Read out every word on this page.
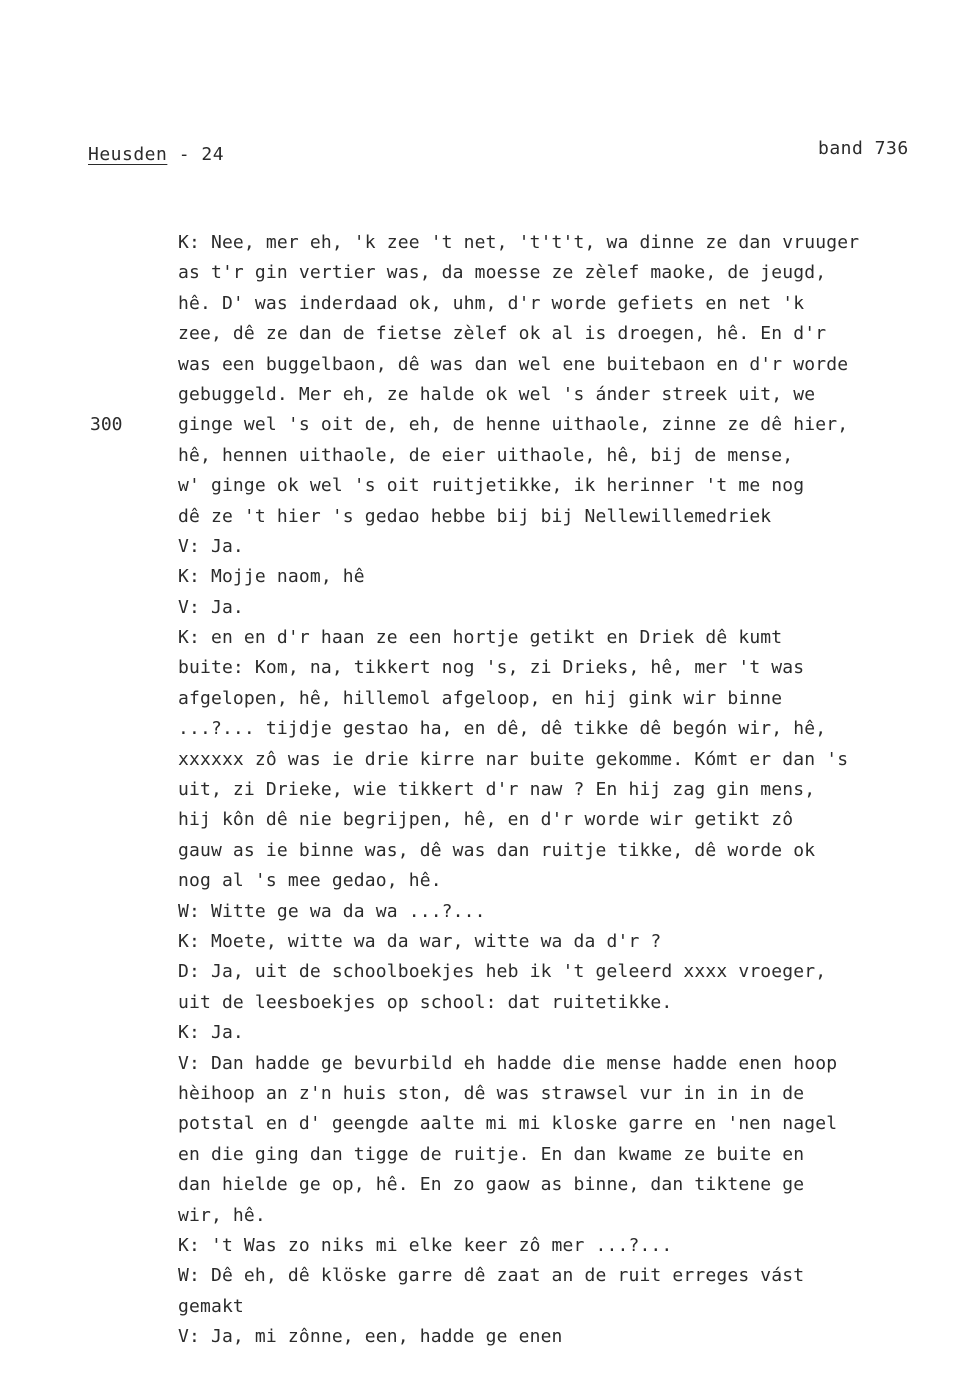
Heusden - 24	band 736
300
K: Nee, mer eh, 'k zee 't net, 't't't, wa dinne ze dan vruuger
as t'r gin vertier was, da moesse ze zèlef maoke, de jeugd,
hê. D' was inderdaad ok, uhm, d'r worde gefiets en net 'k
zee, dê ze dan de fietse zèlef ok al is droegen, hê. En d'r
was een buggelbaon, dê was dan wel ene buitebaon en d'r worde
gebuggeld. Mer eh, ze halde ok wel 's ánder streek uit, we
ginge wel 's oit de, eh, de henne uithaole, zinne ze dê hier,
hê, hennen uithaole, de eier uithaole, hê, bij de mense,
w' ginge ok wel 's oit ruitjetikke, ik herinner 't me nog
dê ze 't hier 's gedao hebbe bij bij Nellewillemedriek
V: Ja.
K: Mojje naom, hê
V: Ja.
K: en en d'r haan ze een hortje getikt en Driek dê kumt
buite: Kom, na, tikkert nog 's, zi Drieks, hê, mer 't was
afgelopen, hê, hillemol afgeloop, en hij gink wir binne
...?... tijdje gestao ha, en dê, dê tikke dê begón wir, hê,
xxxxxx zô was ie drie kirre nar buite gekomme. Kómt er dan 's
uit, zi Drieke, wie tikkert d'r naw ? En hij zag gin mens,
hij kôn dê nie begrijpen, hê, en d'r worde wir getikt zô
gauw as ie binne was, dê was dan ruitje tikke, dê worde ok
nog al 's mee gedao, hê.
W: Witte ge wa da wa ...?...
K: Moete, witte wa da war, witte wa da d'r ?
D: Ja, uit de schoolboekjes heb ik 't geleerd xxxx vroeger,
uit de leesboekjes op school: dat ruitetikke.
K: Ja.
V: Dan hadde ge bevurbild eh hadde die mense hadde enen hoop
hèihoop an z'n huis ston, dê was strawsel vur in in in de
potstal en d' geengde aalte mi mi kloske garre en 'nen nagel
en die ging dan tigge de ruitje. En dan kwame ze buite en
dan hielde ge op, hê. En zo gaow as binne, dan tiktene ge
wir, hê.
K: 't Was zo niks mi elke keer zô mer ...?...
W: Dê eh, dê klöske garre dê zaat an de ruit erreges vást
gemakt
V: Ja, mi zônne, een, hadde ge enen
